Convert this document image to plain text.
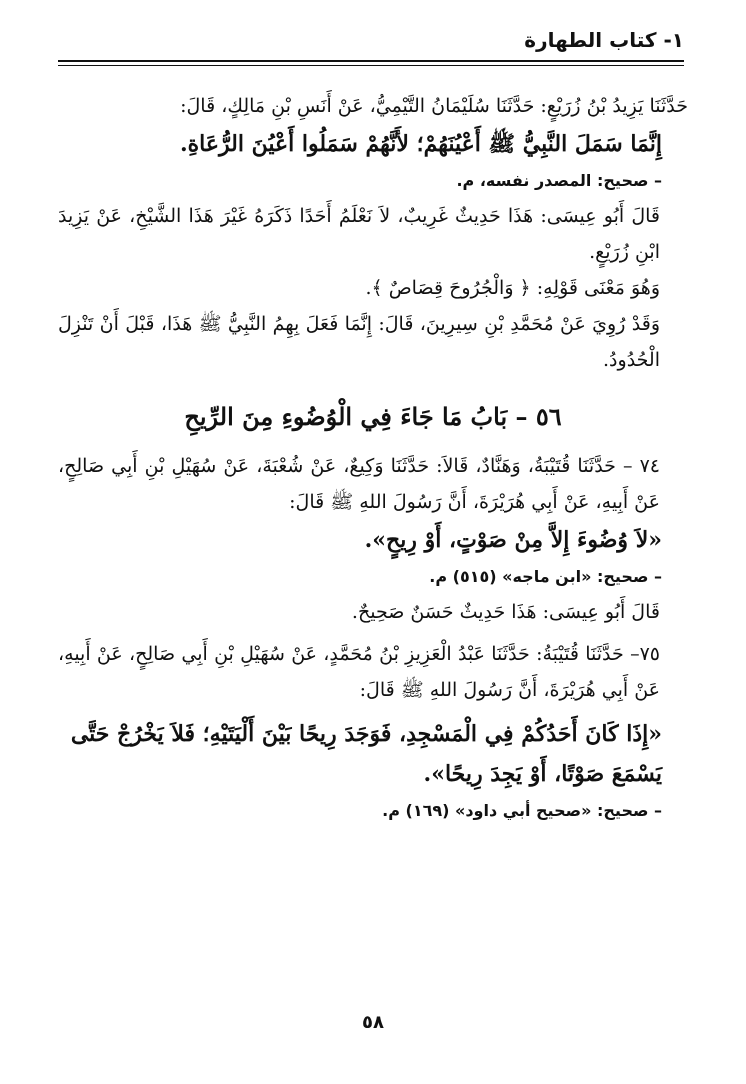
١- كتاب الطهارة

حَدَّثَنَا يَزِيدُ بْنُ زُرَيْعٍ: حَدَّثَنَا سُلَيْمَانُ التَّيْمِيُّ، عَنْ أَنَسِ بْنِ مَالِكٍ، قَالَ:

إِنَّمَا سَمَلَ النَّبِيُّ ﷺ أَعْيُنَهُمْ؛ لأَنَّهُمْ سَمَلُوا أَعْيُنَ الرُّعَاةِ.

– صحيح: المصدر نفسه، م.

قَالَ أَبُو عِيسَى: هَذَا حَدِيثٌ غَرِيبٌ، لاَ نَعْلَمُ أَحَدًا ذَكَرَهُ غَيْرَ هَذَا الشَّيْخِ، عَنْ يَزِيدَ ابْنِ زُرَيْعٍ.

وَهُوَ مَعْنَى قَوْلِهِ: ﴿ وَالْجُرُوحَ قِصَاصٌ ﴾.

وَقَدْ رُوِيَ عَنْ مُحَمَّدِ بْنِ سِيرِينَ، قَالَ: إِنَّمَا فَعَلَ بِهِمُ النَّبِيُّ ﷺ هَذَا، قَبْلَ أَنْ تَنْزِلَ الْحُدُودُ.

٥٦ – بَابُ مَا جَاءَ فِي الْوُضُوءِ مِنَ الرِّيحِ

٧٤ – حَدَّثَنَا قُتَيْبَةُ، وَهَنَّادٌ، قَالاَ: حَدَّثَنَا وَكِيعٌ، عَنْ شُعْبَةَ، عَنْ سُهَيْلِ بْنِ أَبِي صَالِحٍ، عَنْ أَبِيهِ، عَنْ أَبِي هُرَيْرَةَ، أَنَّ رَسُولَ اللهِ ﷺ قَالَ:

«لاَ وُضُوءَ إِلاَّ مِنْ صَوْتٍ، أَوْ رِيحٍ».

– صحيح: «ابن ماجه» (٥١٥) م.

قَالَ أَبُو عِيسَى: هَذَا حَدِيثٌ حَسَنٌ صَحِيحٌ.

٧٥– حَدَّثَنَا قُتَيْبَةُ: حَدَّثَنَا عَبْدُ الْعَزِيزِ بْنُ مُحَمَّدٍ، عَنْ سُهَيْلِ بْنِ أَبِي صَالِحٍ، عَنْ أَبِيهِ، عَنْ أَبِي هُرَيْرَةَ، أَنَّ رَسُولَ اللهِ ﷺ قَالَ:

«إِذَا كَانَ أَحَدُكُمْ فِي الْمَسْجِدِ، فَوَجَدَ رِيحًا بَيْنَ أَلْيَتَيْهِ؛ فَلاَ يَخْرُجْ حَتَّى يَسْمَعَ صَوْتًا، أَوْ يَجِدَ رِيحًا».

– صحيح: «صحيح أبي داود» (١٦٩) م.

٥٨
